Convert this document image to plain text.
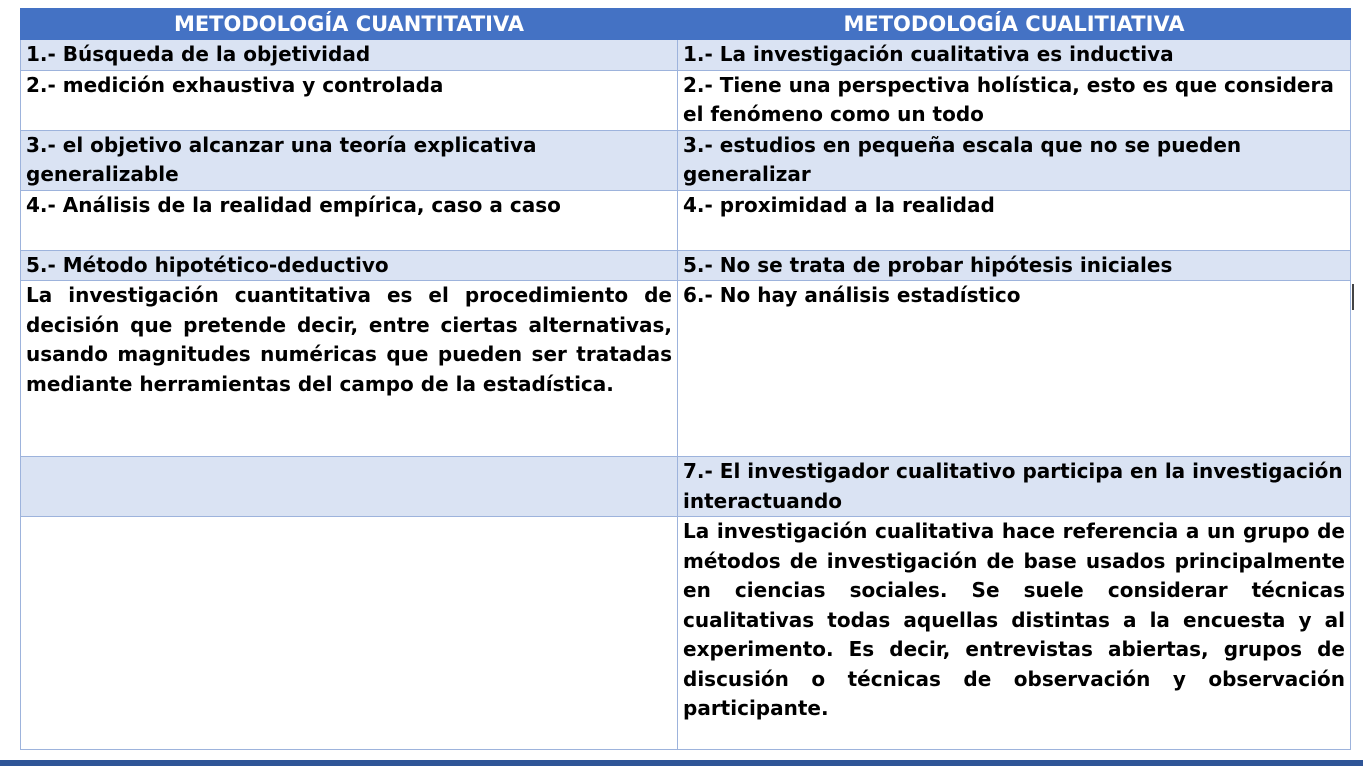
METODOLOGÍA CUANTITATIVA	METODOLOGÍA CUALITIATIVA
1.- Búsqueda de la objetividad	1.- La investigación cualitativa es inductiva
2.- medición exhaustiva y controlada	2.- Tiene una perspectiva holística, esto es que considera el fenómeno como un todo
3.- el objetivo alcanzar una teoría explicativa generalizable	3.- estudios en pequeña escala que no se pueden generalizar
4.- Análisis de la realidad empírica, caso a caso	4.- proximidad a la realidad
5.- Método hipotético-deductivo	5.- No se trata de probar hipótesis iniciales
La investigación cuantitativa es el procedimiento de decisión que pretende decir, entre ciertas alternativas, usando magnitudes numéricas que pueden ser tratadas mediante herramientas del campo de la estadística.	6.- No hay análisis estadístico
	7.- El investigador cualitativo participa en la investigación interactuando
	La investigación cualitativa hace referencia a un grupo de métodos de investigación de base usados principalmente en ciencias sociales. Se suele considerar técnicas cualitativas todas aquellas distintas a la encuesta y al experimento. Es decir, entrevistas abiertas, grupos de discusión o técnicas de observación y observación participante.
